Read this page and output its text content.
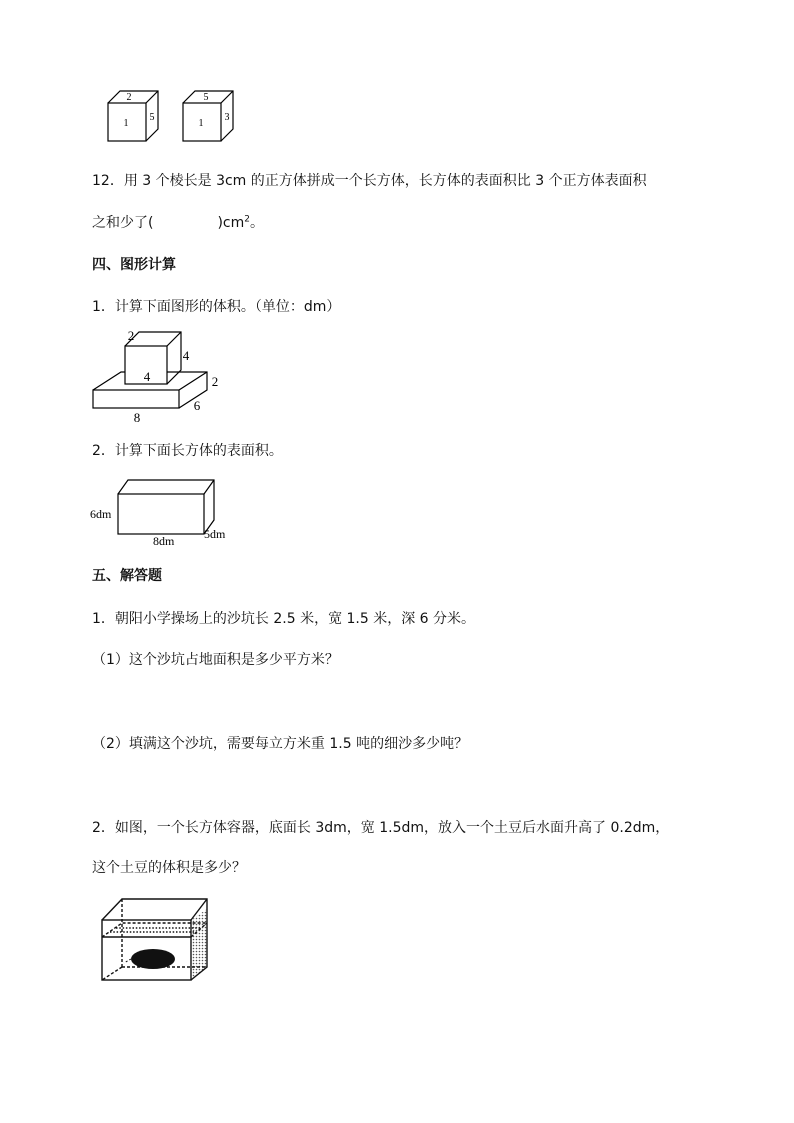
2
1
5
5
1
3
12．用 3 个棱长是 3cm 的正方体拼成一个长方体，长方体的表面积比 3 个正方体表面积
之和少了(	)$cm^2$。
四、图形计算
1．计算下面图形的体积。（单位：dm）
2
4
4	2
6
8
2．计算下面长方体的表面积。
6dm
8dm 5dm
五、解答题
1．朝阳小学操场上的沙坑长 2.5 米，宽 1.5 米，深 6 分米。
（1）这个沙坑占地面积是多少平方米？
（2）填满这个沙坑，需要每立方米重 1.5 吨的细沙多少吨？
2．如图，一个长方体容器，底面长 3dm，宽 1.5dm，放入一个土豆后水面升高了 0.2dm，
这个土豆的体积是多少？
